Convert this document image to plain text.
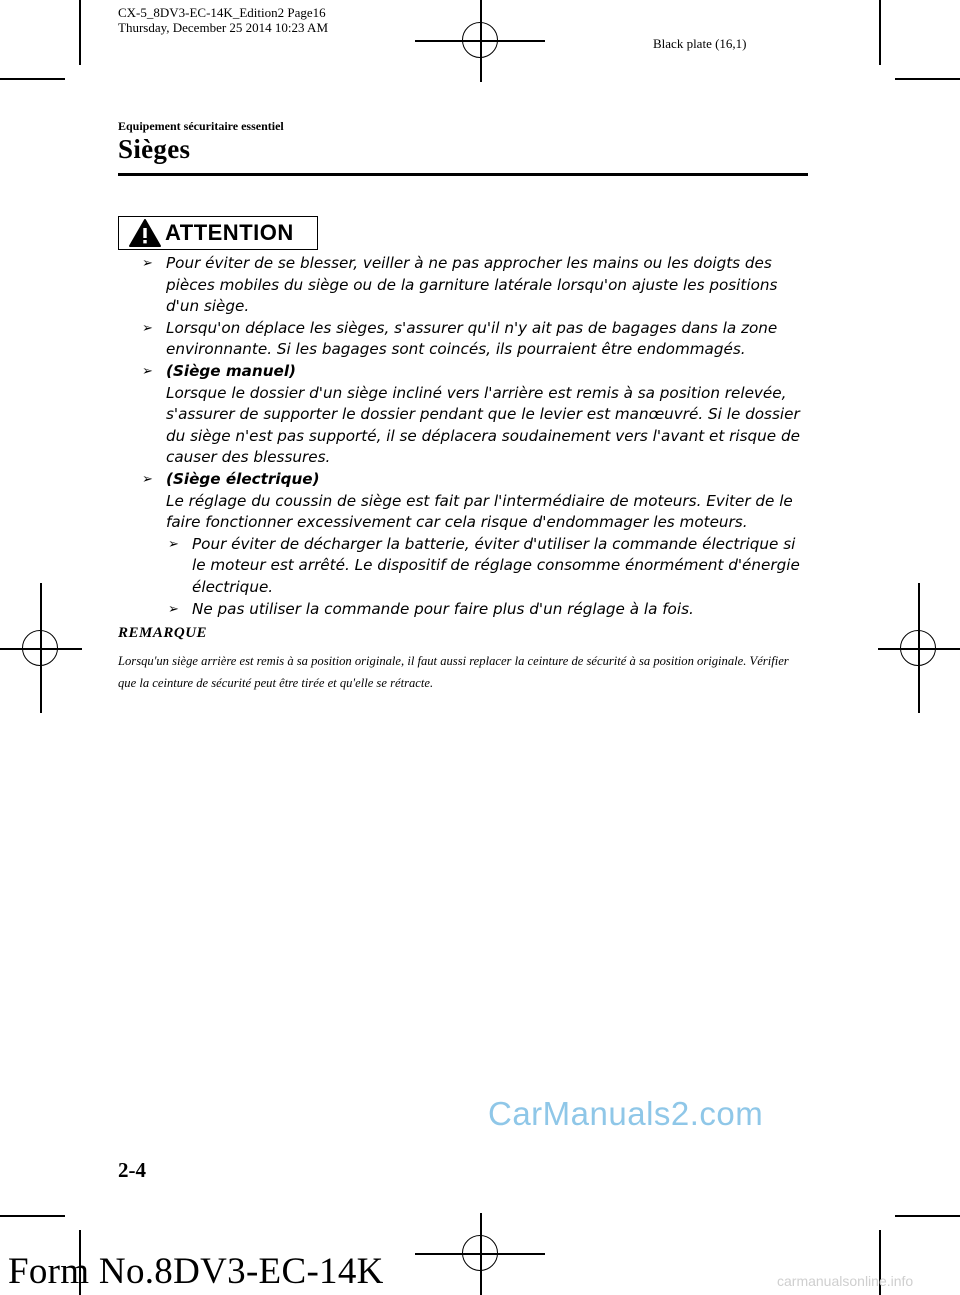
CX-5_8DV3-EC-14K_Edition2 Page16
Thursday, December 25 2014 10:23 AM
Black plate (16,1)
Equipement sécuritaire essentiel
Sièges
ATTENTION
➢ Pour éviter de se blesser, veiller à ne pas approcher les mains ou les doigts des pièces mobiles du siège ou de la garniture latérale lorsqu'on ajuste les positions d'un siège.
➢ Lorsqu'on déplace les sièges, s'assurer qu'il n'y ait pas de bagages dans la zone environnante. Si les bagages sont coincés, ils pourraient être endommagés.
➢ (Siège manuel)
Lorsque le dossier d'un siège incliné vers l'arrière est remis à sa position relevée, s'assurer de supporter le dossier pendant que le levier est manœuvré. Si le dossier du siège n'est pas supporté, il se déplacera soudainement vers l'avant et risque de causer des blessures.
➢ (Siège électrique)
Le réglage du coussin de siège est fait par l'intermédiaire de moteurs. Eviter de le faire fonctionner excessivement car cela risque d'endommager les moteurs.
➢ Pour éviter de décharger la batterie, éviter d'utiliser la commande électrique si le moteur est arrêté. Le dispositif de réglage consomme énormément d'énergie électrique.
➢ Ne pas utiliser la commande pour faire plus d'un réglage à la fois.
REMARQUE
Lorsqu'un siège arrière est remis à sa position originale, il faut aussi replacer la ceinture de sécurité à sa position originale. Vérifier que la ceinture de sécurité peut être tirée et qu'elle se rétracte.
CarManuals2.com
2-4
Form No.8DV3-EC-14K	carmanualsonline.info
